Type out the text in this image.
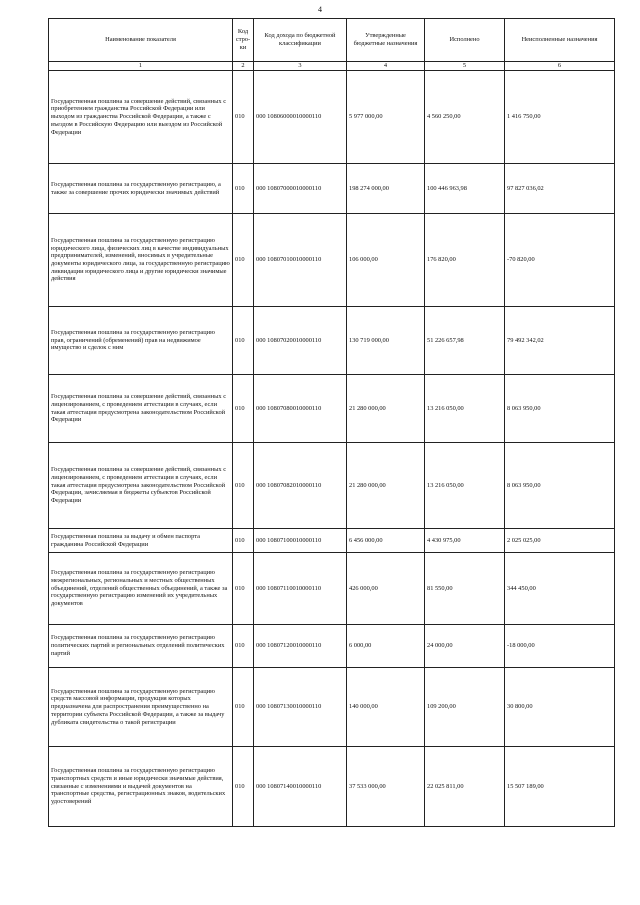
4
Наименование показателя	Код стро-ки	Код дохода по бюджетной классификации	Утвержденные бюджетные назначения	Исполнено	Неисполненные назначения
1	2	3	4	5	6
Государственная пошлина за совершение действий, связанных с приобретением гражданства Российской Федерации или выходом из гражданства Российской Федерации, а также с въездом в Российскую Федерацию или выездом из Российской Федерации	010	000 10806000010000110	5 977 000,00	4 560 250,00	1 416 750,00
Государственная пошлина за государственную регистрацию, а также за совершение прочих юридически значимых действий	010	000 10807000010000110	198 274 000,00	100 446 963,98	97 827 036,02
Государственная пошлина за государственную регистрацию юридического лица, физических лиц в качестве индивидуальных предпринимателей, изменений, вносимых в учредительные документы юридического лица, за государственную регистрацию ликвидации юридического лица и другие юридически значимые действия	010	000 10807010010000110	106 000,00	176 820,00	-70 820,00
Государственная пошлина за государственную регистрацию прав, ограничений (обременений) прав на недвижимое имущество и сделок с ним	010	000 10807020010000110	130 719 000,00	51 226 657,98	79 492 342,02
Государственная пошлина за совершение действий, связанных с лицензированием, с проведением аттестации в случаях, если такая аттестация предусмотрена законодательством Российской Федерации	010	000 10807080010000110	21 280 000,00	13 216 050,00	8 063 950,00
Государственная пошлина за совершение действий, связанных с лицензированием, с проведением аттестации в случаях, если такая аттестация предусмотрена законодательством Российской Федерации, зачисляемая в бюджеты субъектов Российской Федерации	010	000 10807082010000110	21 280 000,00	13 216 050,00	8 063 950,00
Государственная пошлина за выдачу и обмен паспорта гражданина Российской Федерации	010	000 10807100010000110	6 456 000,00	4 430 975,00	2 025 025,00
Государственная пошлина за государственную регистрацию межрегиональных, региональных и местных общественных объединений, отделений общественных объединений, а также за государственную регистрацию изменений их учредительных документов	010	000 10807110010000110	426 000,00	81 550,00	344 450,00
Государственная пошлина за государственную регистрацию политических партий и региональных отделений политических партий	010	000 10807120010000110	6 000,00	24 000,00	-18 000,00
Государственная пошлина за государственную регистрацию средств массовой информации, продукция которых предназначена для распространения преимущественно на территории субъекта Российской Федерации, а также за выдачу дубликата свидетельства о такой регистрации	010	000 10807130010000110	140 000,00	109 200,00	30 800,00
Государственная пошлина за государственную регистрацию транспортных средств и иные юридически значимые действия, связанные с изменениями и выдачей документов на транспортные средства, регистрационных знаков, водительских удостоверений	010	000 10807140010000110	37 533 000,00	22 025 811,00	15 507 189,00
